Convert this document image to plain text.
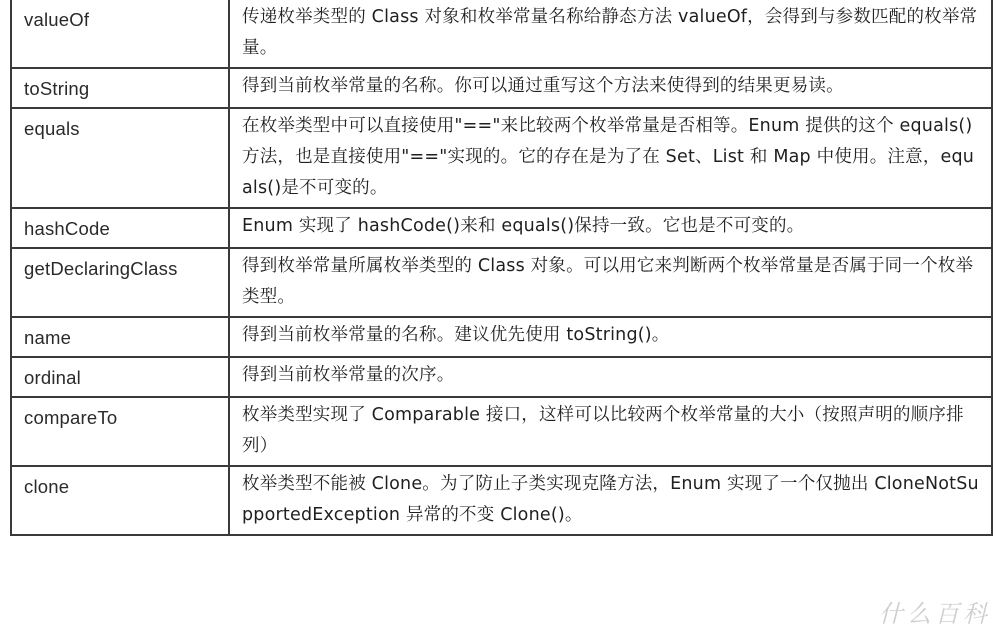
valueOf	传递枚举类型的 Class 对象和枚举常量名称给静态方法 valueOf，会得到与参数匹配的枚举常量。
toString	得到当前枚举常量的名称。你可以通过重写这个方法来使得到的结果更易读。
equals	在枚举类型中可以直接使用"=="来比较两个枚举常量是否相等。Enum 提供的这个 equals()方法，也是直接使用"=="实现的。它的存在是为了在 Set、List 和 Map 中使用。注意，equals()是不可变的。
hashCode	Enum 实现了 hashCode()来和 equals()保持一致。它也是不可变的。
getDeclaringClass	得到枚举常量所属枚举类型的 Class 对象。可以用它来判断两个枚举常量是否属于同一个枚举类型。
name	得到当前枚举常量的名称。建议优先使用 toString()。
ordinal	得到当前枚举常量的次序。
compareTo	枚举类型实现了 Comparable 接口，这样可以比较两个枚举常量的大小（按照声明的顺序排列）
clone	枚举类型不能被 Clone。为了防止子类实现克隆方法，Enum 实现了一个仅抛出 CloneNotSupportedException 异常的不变 Clone()。
什么百科
